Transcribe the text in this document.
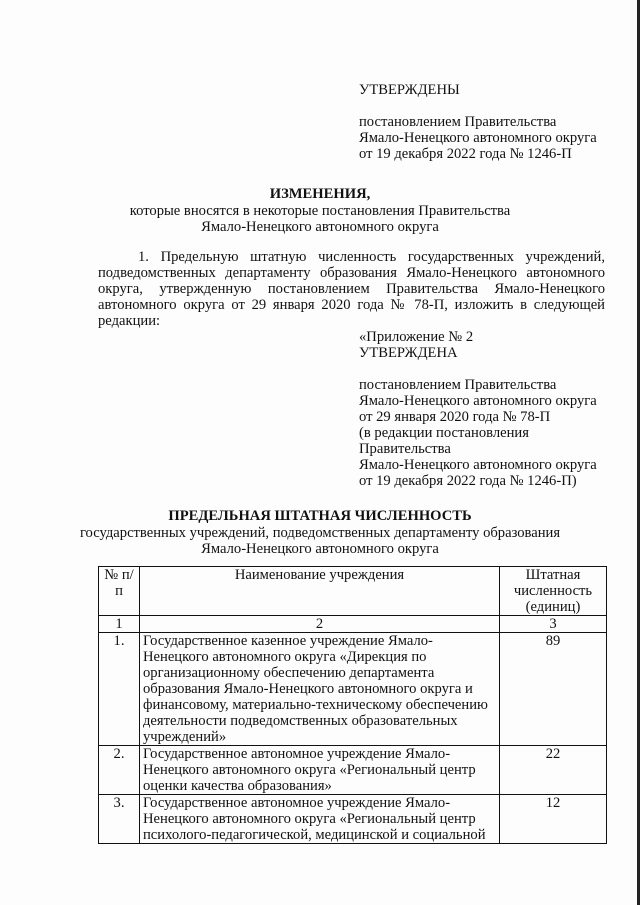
УТВЕРЖДЕНЫ
постановлением Правительства
Ямало-Ненецкого автономного округа
от 19 декабря 2022 года № 1246-П
ИЗМЕНЕНИЯ,
которые вносятся в некоторые постановления Правительства
Ямало-Ненецкого автономного округа
1. Предельную штатную численность государственных учреждений, подведомственных департаменту образования Ямало-Ненецкого автономного округа, утвержденную постановлением Правительства Ямало-Ненецкого автономного округа от 29 января 2020 года № 78-П, изложить в следующей редакции:
«Приложение № 2
УТВЕРЖДЕНА
постановлением Правительства
Ямало-Ненецкого автономного округа
от 29 января 2020 года № 78-П
(в редакции постановления
Правительства
Ямало-Ненецкого автономного округа
от 19 декабря 2022 года № 1246-П)
ПРЕДЕЛЬНАЯ ШТАТНАЯ ЧИСЛЕННОСТЬ
государственных учреждений, подведомственных департаменту образования
Ямало-Ненецкого автономного округа
№ п/п	Наименование учреждения	Штатная численность (единиц)
1	2	3
1.	Государственное казенное учреждение Ямало-Ненецкого автономного округа «Дирекция по организационному обеспечению департамента образования Ямало-Ненецкого автономного округа и финансовому, материально-техническому обеспечению деятельности подведомственных образовательных учреждений»	89
2.	Государственное автономное учреждение Ямало-Ненецкого автономного округа «Региональный центр оценки качества образования»	22
3.	Государственное автономное учреждение Ямало-Ненецкого автономного округа «Региональный центр психолого-педагогической, медицинской и социальной	12
